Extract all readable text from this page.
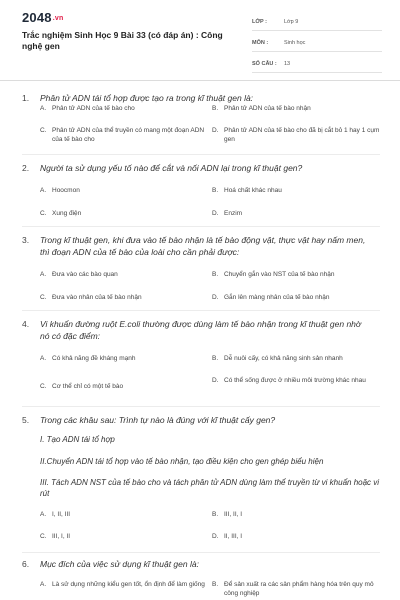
2048.vn
Trắc nghiệm Sinh Học 9 Bài 33 (có đáp án) : Công nghệ gen
LỚP :	Lớp 9
MÔN :	Sinh học
SỐ CÂU :	13
1. Phân tử ADN tái tổ hợp được tạo ra trong kĩ thuật gen là:
A. Phân tử ADN của tế bào cho	B. Phân tử ADN của tế bào nhận
C. Phân tử ADN của thể truyền có mang một đoạn ADN của tế bào cho
D. Phân tử ADN của tế bào cho đã bị cắt bỏ 1 hay 1 cụm gen
2. Người ta sử dụng yếu tố nào để cắt và nối ADN lại trong kĩ thuật gen?
A. Hoocmon	B. Hoá chất khác nhau
C. Xung điện	D. Enzim
3. Trong kĩ thuật gen, khi đưa vào tế bào nhận là tế bào động vật, thực vật hay nấm men, thì đoạn ADN của tế bào của loài cho cần phải được:
A. Đưa vào các bào quan	B. Chuyển gắn vào NST của tế bào nhận
C. Đưa vào nhân của tế bào nhận	D. Gắn lên màng nhân của tế bào nhận
4. Vi khuẩn đường ruột E.coli thường được dùng làm tế bào nhận trong kĩ thuật gen nhờ nó có đặc điểm:
A. Có khả năng đề kháng mạnh	B. Dễ nuôi cấy, có khả năng sinh sản nhanh
C. Cơ thể chỉ có một tế bào
D. Có thể sống được ở nhiều môi trường khác nhau
5. Trong các khâu sau: Trình tự nào là đúng với kĩ thuật cấy gen?
I. Tạo ADN tái tổ hợp
II.Chuyển ADN tái tổ hợp vào tế bào nhận, tạo điều kiện cho gen ghép biểu hiện
III. Tách ADN NST của tế bào cho và tách phân tử ADN dùng làm thể truyền từ vi khuẩn hoặc vi rút
A. I, II, III	B. III, II, I
C. III, I, II	D. II, III, I
6. Mục đích của việc sử dụng kĩ thuật gen là:
A. Là sử dụng những kiểu gen tốt, ổn định để làm giống B. Để sản xuất ra các sản phẩm hàng hóa trên quy mô công nghiệp
